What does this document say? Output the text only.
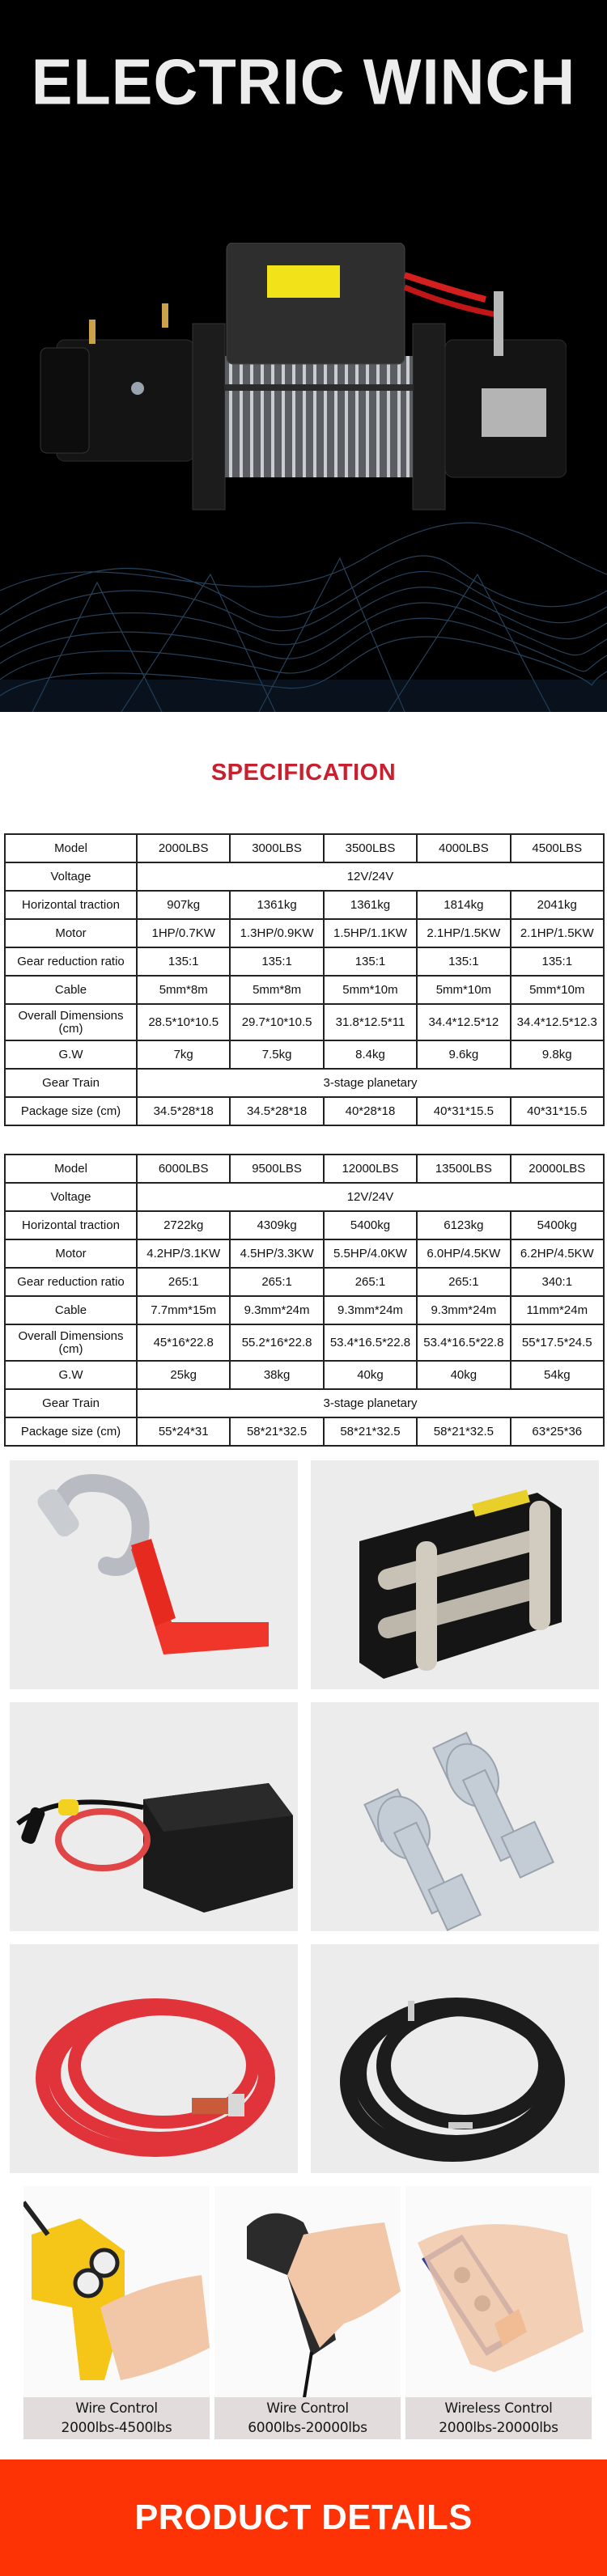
ELECTRIC WINCH
SPECIFICATION
Model	2000LBS	3000LBS	3500LBS	4000LBS	4500LBS
Voltage	12V/24V				
Horizontal traction	907kg	1361kg	1361kg	1814kg	2041kg
Motor	1HP/0.7KW	1.3HP/0.9KW	1.5HP/1.1KW	2.1HP/1.5KW	2.1HP/1.5KW
Gear reduction ratio	135:1	135:1	135:1	135:1	135:1
Cable	5mm*8m	5mm*8m	5mm*10m	5mm*10m	5mm*10m
Overall Dimensions (cm)	28.5*10*10.5	29.7*10*10.5	31.8*12.5*11	34.4*12.5*12	34.4*12.5*12.3
G.W	7kg	7.5kg	8.4kg	9.6kg	9.8kg
Gear Train	3-stage planetary				
Package size (cm)	34.5*28*18	34.5*28*18	40*28*18	40*31*15.5	40*31*15.5
Model	6000LBS	9500LBS	12000LBS	13500LBS	20000LBS
Voltage	12V/24V				
Horizontal traction	2722kg	4309kg	5400kg	6123kg	5400kg
Motor	4.2HP/3.1KW	4.5HP/3.3KW	5.5HP/4.0KW	6.0HP/4.5KW	6.2HP/4.5KW
Gear reduction ratio	265:1	265:1	265:1	265:1	340:1
Cable	7.7mm*15m	9.3mm*24m	9.3mm*24m	9.3mm*24m	11mm*24m
Overall Dimensions (cm)	45*16*22.8	55.2*16*22.8	53.4*16.5*22.8	53.4*16.5*22.8	55*17.5*24.5
G.W	25kg	38kg	40kg	40kg	54kg
Gear Train	3-stage planetary				
Package size (cm)	55*24*31	58*21*32.5	58*21*32.5	58*21*32.5	63*25*36
Wire Control
2000lbs-4500lbs
Wire Control
6000lbs-20000lbs
Wireless Control
2000lbs-20000lbs
PRODUCT DETAILS
